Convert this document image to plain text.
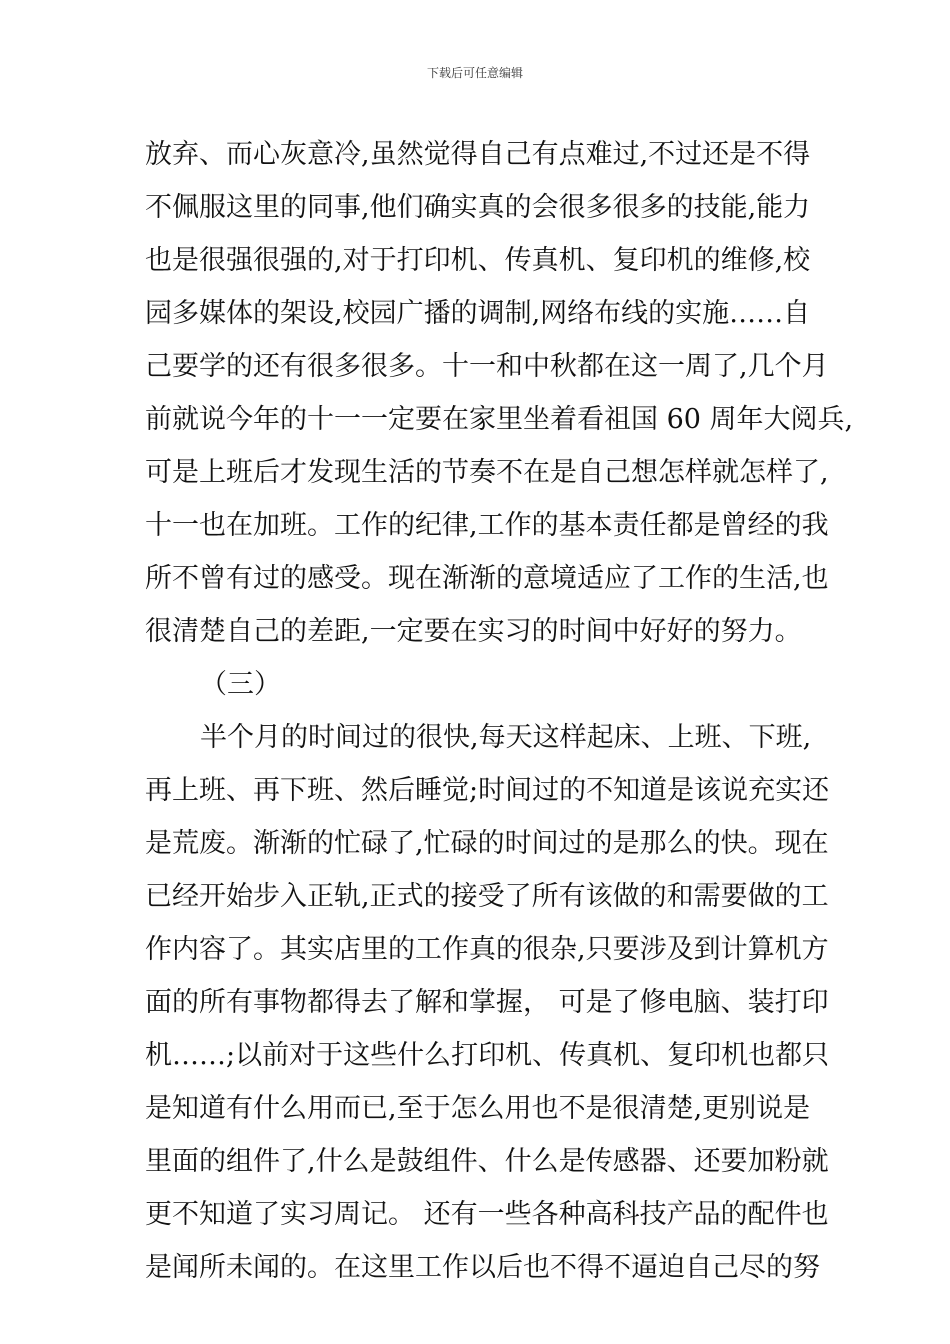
下载后可任意编辑
放弃、而心灰意冷,虽然觉得自己有点难过,不过还是不得
不佩服这里的同事,他们确实真的会很多很多的技能,能力
也是很强很强的,对于打印机、传真机、复印机的维修,校
园多媒体的架设,校园广播的调制,网络布线的实施……自
己要学的还有很多很多。十一和中秋都在这一周了,几个月
前就说今年的十一一定要在家里坐着看祖国 60 周年大阅兵,
可是上班后才发现生活的节奏不在是自己想怎样就怎样了,
十一也在加班。工作的纪律,工作的基本责任都是曾经的我
所不曾有过的感受。现在渐渐的意境适应了工作的生活,也
很清楚自己的差距,一定要在实习的时间中好好的努力。
（三）
半个月的时间过的很快,每天这样起床、上班、下班,
再上班、再下班、然后睡觉;时间过的不知道是该说充实还
是荒废。渐渐的忙碌了,忙碌的时间过的是那么的快。现在
已经开始步入正轨,正式的接受了所有该做的和需要做的工
作内容了。其实店里的工作真的很杂,只要涉及到计算机方
面的所有事物都得去了解和掌握， 可是了修电脑、装打印
机……;以前对于这些什么打印机、传真机、复印机也都只
是知道有什么用而已,至于怎么用也不是很清楚,更别说是
里面的组件了,什么是鼓组件、什么是传感器、还要加粉就
更不知道了实习周记。 还有一些各种高科技产品的配件也
是闻所未闻的。在这里工作以后也不得不逼迫自己尽的努
